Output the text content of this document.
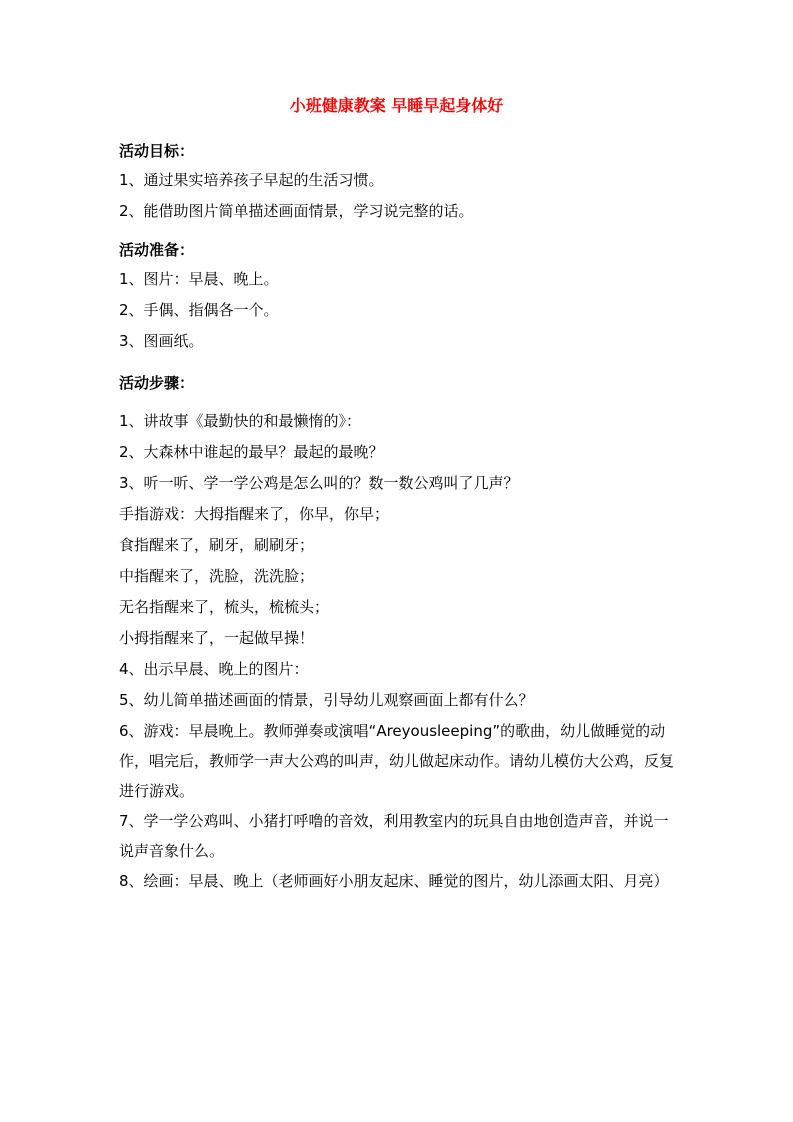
小班健康教案 早睡早起身体好
活动目标：
1、通过果实培养孩子早起的生活习惯。
2、能借助图片简单描述画面情景，学习说完整的话。
活动准备：
1、图片：早晨、晚上。
2、手偶、指偶各一个。
3、图画纸。
活动步骤：
1、讲故事《最勤快的和最懒惰的》：
2、大森林中谁起的最早？最起的最晚？
3、听一听、学一学公鸡是怎么叫的？数一数公鸡叫了几声？
手指游戏：大拇指醒来了，你早，你早；
食指醒来了，刷牙，刷刷牙；
中指醒来了，洗脸，洗洗脸；
无名指醒来了，梳头，梳梳头；
小拇指醒来了，一起做早操！
4、出示早晨、晚上的图片：
5、幼儿简单描述画面的情景，引导幼儿观察画面上都有什么？
6、游戏：早晨晚上。教师弹奏或演唱“Areyousleeping”的歌曲，幼儿做睡觉的动作，唱完后，教师学一声大公鸡的叫声，幼儿做起床动作。请幼儿模仿大公鸡，反复进行游戏。
7、学一学公鸡叫、小猪打呼噜的音效，利用教室内的玩具自由地创造声音，并说一说声音象什么。
8、绘画：早晨、晚上（老师画好小朋友起床、睡觉的图片，幼儿添画太阳、月亮）
